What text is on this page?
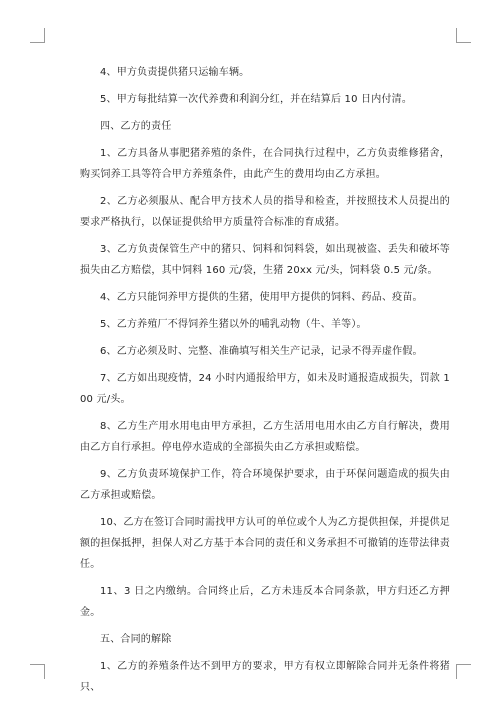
4、甲方负责提供猪只运输车辆。

5、甲方每批结算一次代养费和利润分红，并在结算后 10 日内付清。

四、乙方的责任

1、乙方具备从事肥猪养殖的条件，在合同执行过程中，乙方负责维修猪舍，购买饲养工具等符合甲方养殖条件，由此产生的费用均由乙方承担。

2、乙方必须服从、配合甲方技术人员的指导和检查，并按照技术人员提出的要求严格执行，以保证提供给甲方质量符合标准的育成猪。

3、乙方负责保管生产中的猪只、饲料和饲料袋，如出现被盗、丢失和破坏等损失由乙方赔偿，其中饲料 160 元/袋，生猪 20xx 元/头，饲料袋 0.5 元/条。

4、乙方只能饲养甲方提供的生猪，使用甲方提供的饲料、药品、疫苗。

5、乙方养殖厂不得饲养生猪以外的哺乳动物（牛、羊等）。

6、乙方必须及时、完整、准确填写相关生产记录，记录不得弄虚作假。

7、乙方如出现疫情，24 小时内通报给甲方，如未及时通报造成损失，罚款 100 元/头。

8、乙方生产用水用电由甲方承担，乙方生活用电用水由乙方自行解决，费用由乙方自行承担。停电停水造成的全部损失由乙方承担或赔偿。

9、乙方负责环境保护工作，符合环境保护要求，由于环保问题造成的损失由乙方承担或赔偿。

10、乙方在签订合同时需找甲方认可的单位或个人为乙方提供担保，并提供足额的担保抵押，担保人对乙方基于本合同的责任和义务承担不可撤销的连带法律责任。

11、3 日之内缴纳。合同终止后，乙方未违反本合同条款，甲方归还乙方押金。

五、合同的解除

1、乙方的养殖条件达不到甲方的要求，甲方有权立即解除合同并无条件将猪只、
